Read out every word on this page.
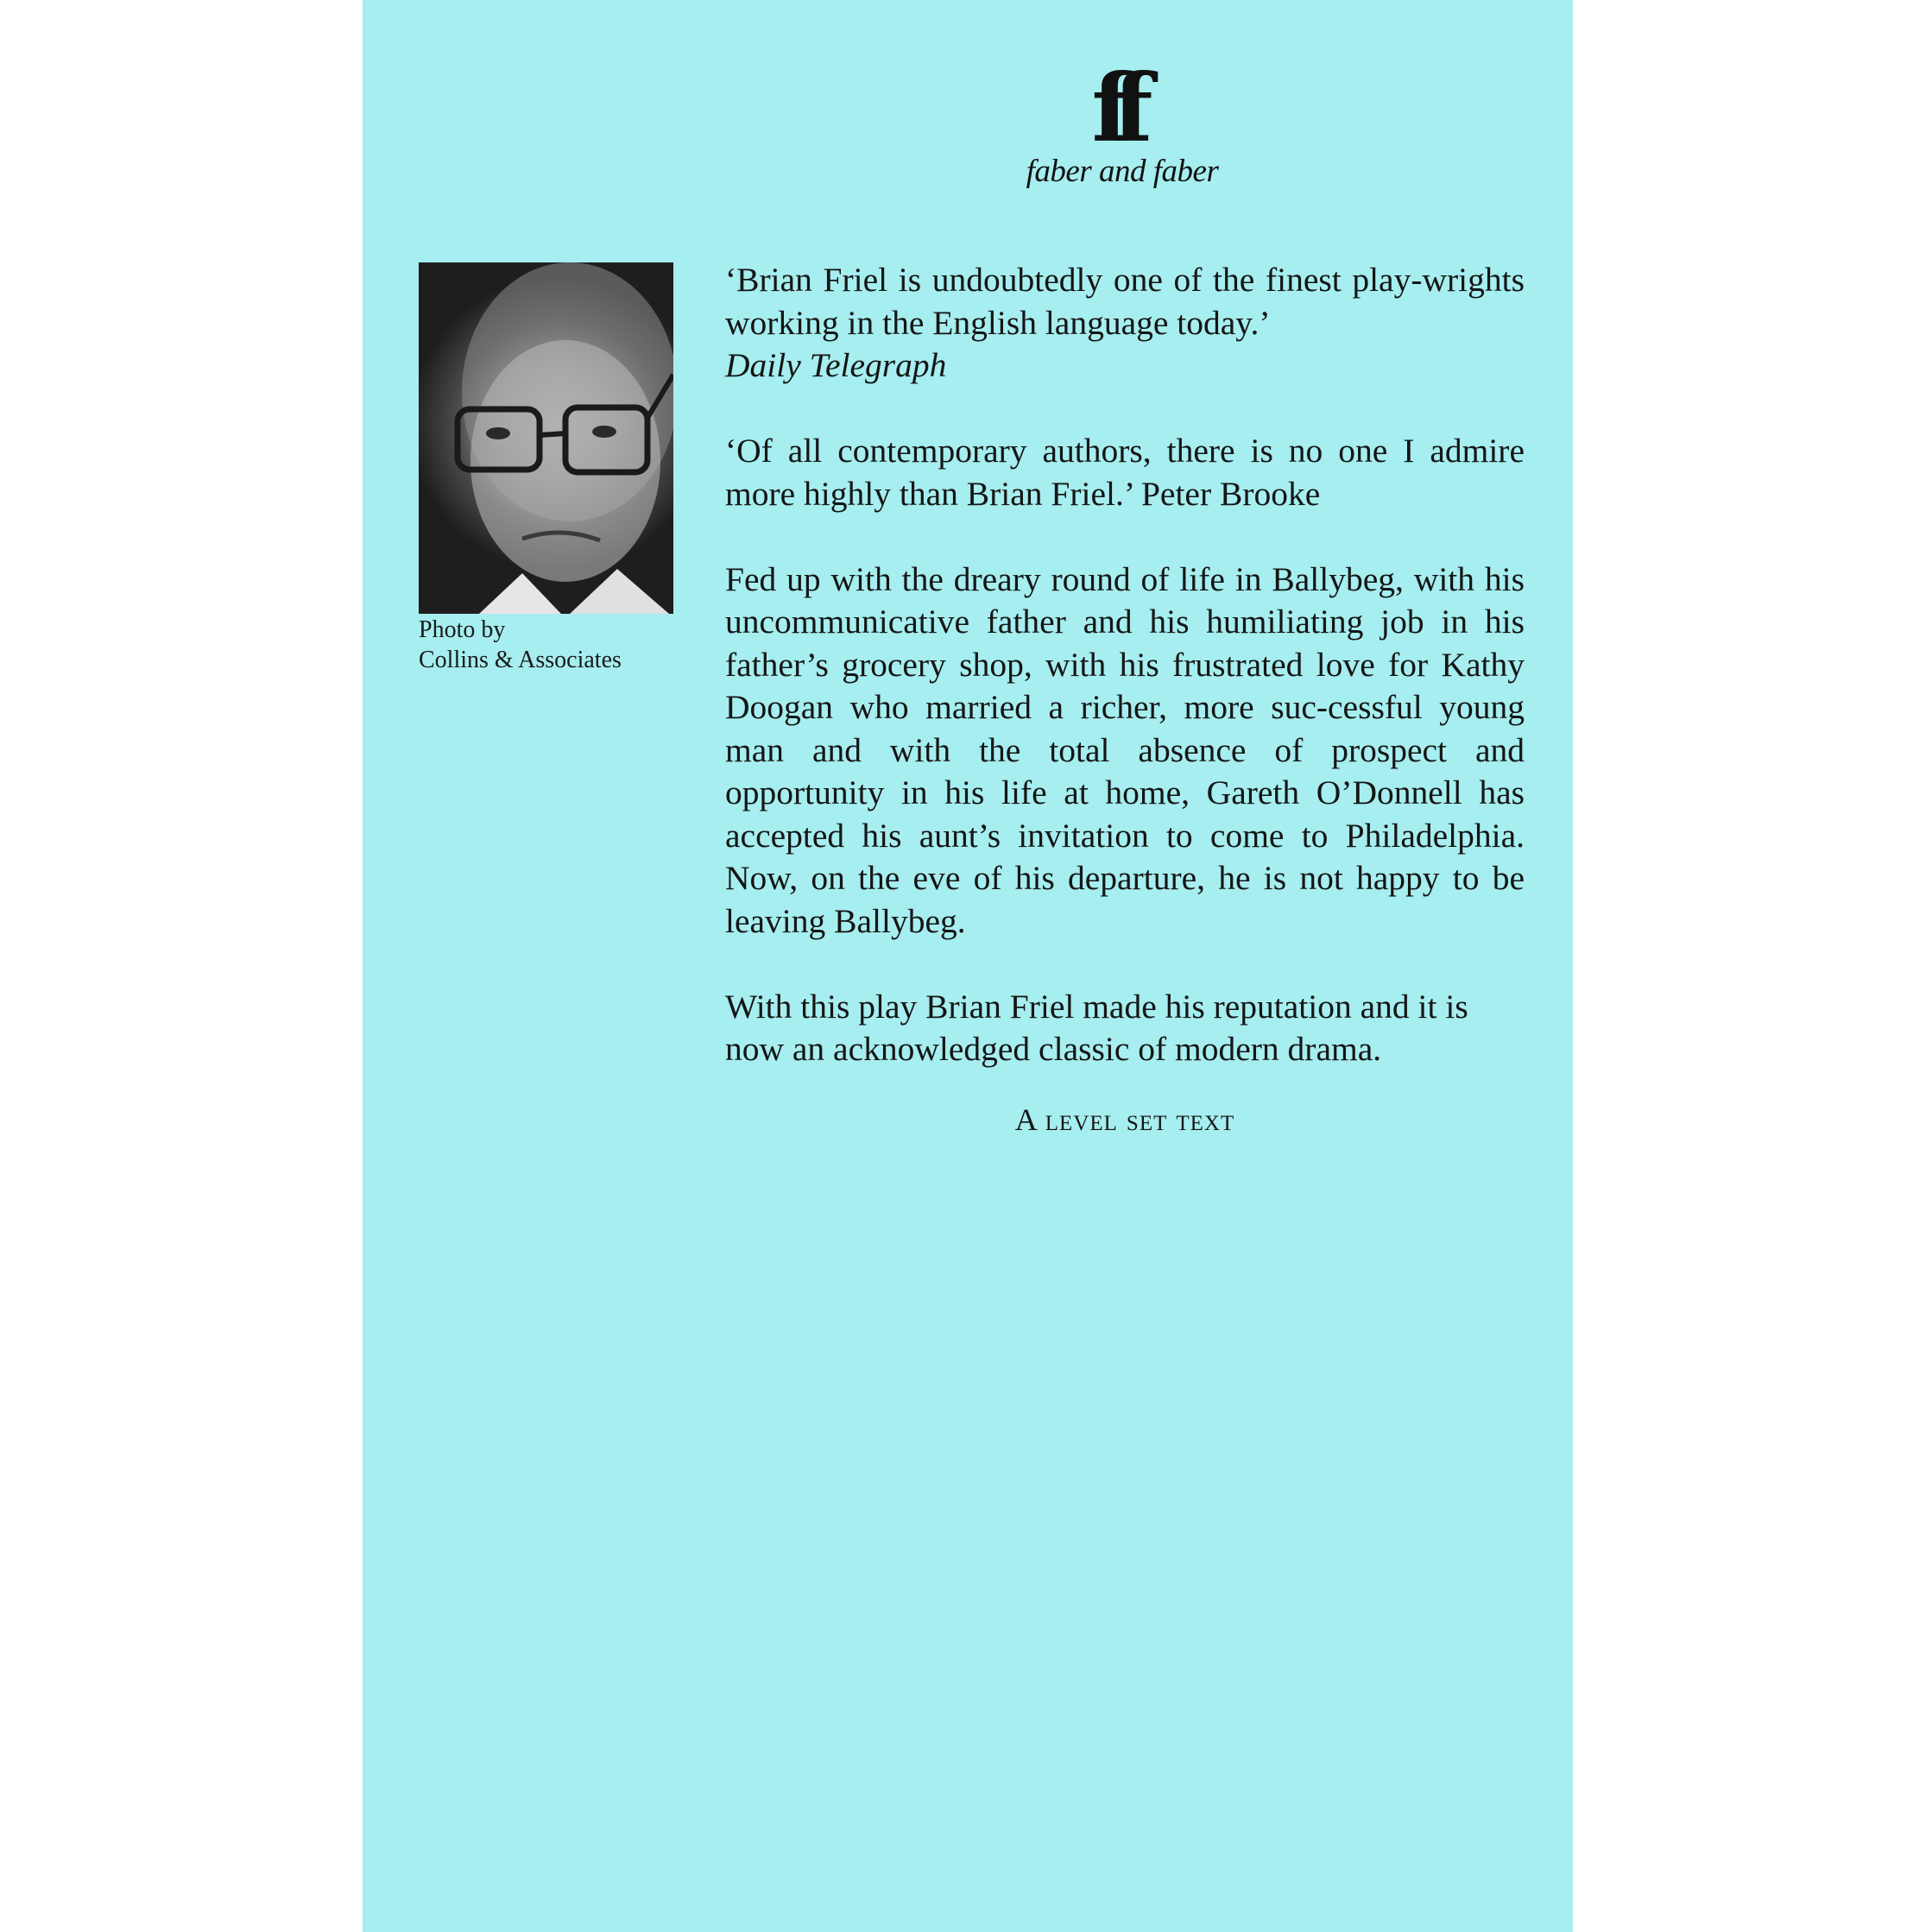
ff
faber and faber
Photo by
Collins & Associates

‘Brian Friel is undoubtedly one of the finest play-wrights working in the English language today.’
Daily Telegraph

‘Of all contemporary authors, there is no one I admire more highly than Brian Friel.’ Peter Brooke

Fed up with the dreary round of life in Ballybeg, with his uncommunicative father and his humiliating job in his father’s grocery shop, with his frustrated love for Kathy Doogan who married a richer, more suc-cessful young man and with the total absence of prospect and opportunity in his life at home, Gareth O’Donnell has accepted his aunt’s invitation to come to Philadelphia. Now, on the eve of his departure, he is not happy to be leaving Ballybeg.

With this play Brian Friel made his reputation and it is now an acknowledged classic of modern drama.

A level set text
